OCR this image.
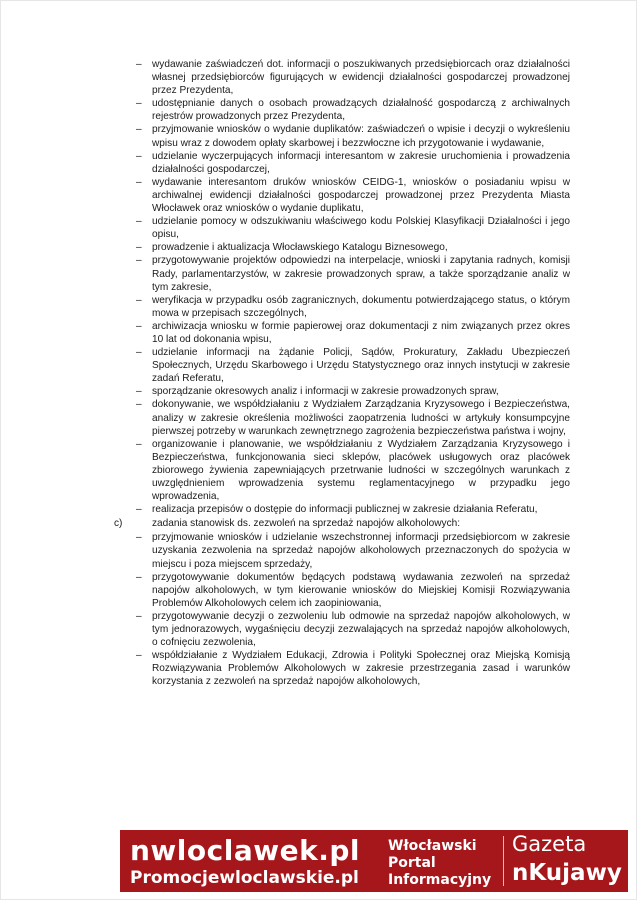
– wydawanie zaświadczeń dot. informacji o poszukiwanych przedsiębiorcach oraz działalności własnej przedsiębiorców figurujących w ewidencji działalności gospodarczej prowadzonej przez Prezydenta,
– udostępnianie danych o osobach prowadzących działalność gospodarczą z archiwalnych rejestrów prowadzonych przez Prezydenta,
– przyjmowanie wniosków o wydanie duplikatów: zaświadczeń o wpisie i decyzji o wykreśleniu wpisu wraz z dowodem opłaty skarbowej i bezzwłoczne ich przygotowanie i wydawanie,
– udzielanie wyczerpujących informacji interesantom w zakresie uruchomienia i prowadzenia działalności gospodarczej,
– wydawanie interesantom druków wniosków CEIDG-1, wniosków o posiadaniu wpisu w archiwalnej ewidencji działalności gospodarczej prowadzonej przez Prezydenta Miasta Włocławek oraz wniosków o wydanie duplikatu,
– udzielanie pomocy w odszukiwaniu właściwego kodu Polskiej Klasyfikacji Działalności i jego opisu,
– prowadzenie i aktualizacja Włocławskiego Katalogu Biznesowego,
– przygotowywanie projektów odpowiedzi na interpelacje, wnioski i zapytania radnych, komisji Rady, parlamentarzystów, w zakresie prowadzonych spraw, a także sporządzanie analiz w tym zakresie,
– weryfikacja w przypadku osób zagranicznych, dokumentu potwierdzającego status, o którym mowa w przepisach szczególnych,
– archiwizacja wniosku w formie papierowej oraz dokumentacji z nim związanych przez okres 10 lat od dokonania wpisu,
– udzielanie informacji na żądanie Policji, Sądów, Prokuratury, Zakładu Ubezpieczeń Społecznych, Urzędu Skarbowego i Urzędu Statystycznego oraz innych instytucji w zakresie zadań Referatu,
– sporządzanie okresowych analiz i informacji w zakresie prowadzonych spraw,
– dokonywanie, we współdziałaniu z Wydziałem Zarządzania Kryzysowego i Bezpieczeństwa, analizy w zakresie określenia możliwości zaopatrzenia ludności w artykuły konsumpcyjne pierwszej potrzeby w warunkach zewnętrznego zagrożenia bezpieczeństwa państwa i wojny,
– organizowanie i planowanie, we współdziałaniu z Wydziałem Zarządzania Kryzysowego i Bezpieczeństwa, funkcjonowania sieci sklepów, placówek usługowych oraz placówek zbiorowego żywienia zapewniających przetrwanie ludności w szczególnych warunkach z uwzględnieniem wprowadzenia systemu reglamentacyjnego w przypadku jego wprowadzenia,
– realizacja przepisów o dostępie do informacji publicznej w zakresie działania Referatu,
c)	zadania stanowisk ds. zezwoleń na sprzedaż napojów alkoholowych:
– przyjmowanie wniosków i udzielanie wszechstronnej informacji przedsiębiorcom w zakresie uzyskania zezwolenia na sprzedaż napojów alkoholowych przeznaczonych do spożycia w miejscu i poza miejscem sprzedaży,
– przygotowywanie dokumentów będących podstawą wydawania zezwoleń na sprzedaż napojów alkoholowych, w tym kierowanie wniosków do Miejskiej Komisji Rozwiązywania Problemów Alkoholowych celem ich zaopiniowania,
– przygotowywanie decyzji o zezwoleniu lub odmowie na sprzedaż napojów alkoholowych, w tym jednorazowych, wygaśnięciu decyzji zezwalających na sprzedaż napojów alkoholowych, o cofnięciu zezwolenia,
– współdziałanie z Wydziałem Edukacji, Zdrowia i Polityki Społecznej oraz Miejską Komisją Rozwiązywania Problemów Alkoholowych w zakresie przestrzegania zasad i warunków korzystania z zezwoleń na sprzedaż napojów alkoholowych,
nwloclawek.pl
Promocjewloclawskie.pl
Włocławski
Portal
Informacyjny
Gazeta
nKujawy
